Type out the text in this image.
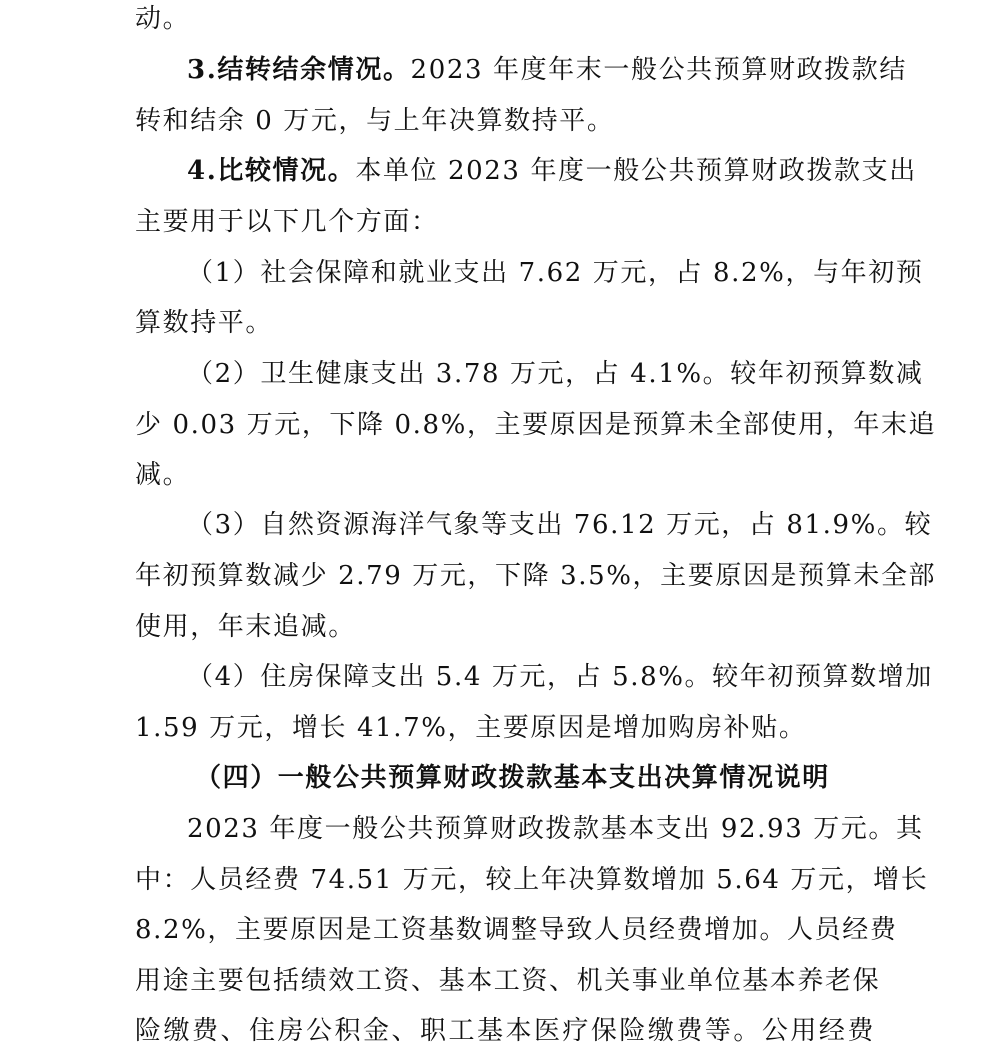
动。
3.结转结余情况。2023 年度年末一般公共预算财政拨款结
转和结余 0 万元，与上年决算数持平。
4.比较情况。本单位 2023 年度一般公共预算财政拨款支出
主要用于以下几个方面：
（1）社会保障和就业支出 7.62 万元，占 8.2%，与年初预
算数持平。
（2）卫生健康支出 3.78 万元，占 4.1%。较年初预算数减
少 0.03 万元，下降 0.8%，主要原因是预算未全部使用，年末追
减。
（3）自然资源海洋气象等支出 76.12 万元，占 81.9%。较
年初预算数减少 2.79 万元，下降 3.5%，主要原因是预算未全部
使用，年末追减。
（4）住房保障支出 5.4 万元，占 5.8%。较年初预算数增加
1.59 万元，增长 41.7%，主要原因是增加购房补贴。
（四）一般公共预算财政拨款基本支出决算情况说明
2023 年度一般公共预算财政拨款基本支出 92.93 万元。其
中：人员经费 74.51 万元，较上年决算数增加 5.64 万元，增长
8.2%，主要原因是工资基数调整导致人员经费增加。人员经费
用途主要包括绩效工资、基本工资、机关事业单位基本养老保
险缴费、住房公积金、职工基本医疗保险缴费等。公用经费
